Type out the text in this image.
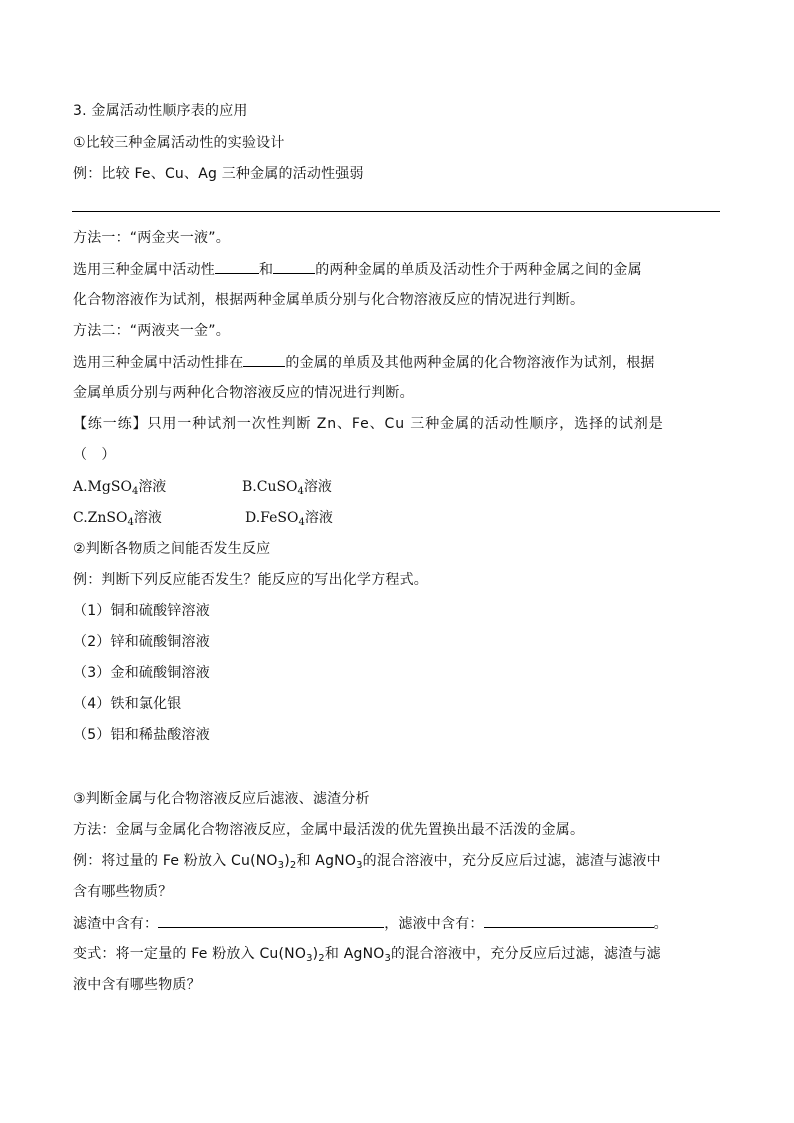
3. 金属活动性顺序表的应用
①比较三种金属活动性的实验设计
例：比较 Fe、Cu、Ag 三种金属的活动性强弱
方法一：“两金夹一液”。
选用三种金属中活动性	和	的两种金属的单质及活动性介于两种金属之间的金属
化合物溶液作为试剂，根据两种金属单质分别与化合物溶液反应的情况进行判断。
方法二：“两液夹一金”。
选用三种金属中活动性排在	的金属的单质及其他两种金属的化合物溶液作为试剂，根据
金属单质分别与两种化合物溶液反应的情况进行判断。
【练一练】只用一种试剂一次性判断 Zn、Fe、Cu 三种金属的活动性顺序，选择的试剂是
（　）
A.MgSO$_4$溶液	B.CuSO$_4$溶液
C.ZnSO$_4$溶液	D.FeSO$_4$溶液
②判断各物质之间能否发生反应
例：判断下列反应能否发生？能反应的写出化学方程式。
（1）铜和硫酸锌溶液
（2）锌和硫酸铜溶液
（3）金和硫酸铜溶液
（4）铁和氯化银
（5）铝和稀盐酸溶液
③判断金属与化合物溶液反应后滤液、滤渣分析
方法：金属与金属化合物溶液反应，金属中最活泼的优先置换出最不活泼的金属。
例：将过量的 Fe 粉放入 $Cu(NO_3)_2$和 AgNO$_3$的混合溶液中，充分反应后过滤，滤渣与滤液中
含有哪些物质？
滤渣中含有：	，滤液中含有：	。
变式：将一定量的 Fe 粉放入 $Cu(NO_3)_2$和 AgNO$_3$的混合溶液中，充分反应后过滤，滤渣与滤
液中含有哪些物质？
